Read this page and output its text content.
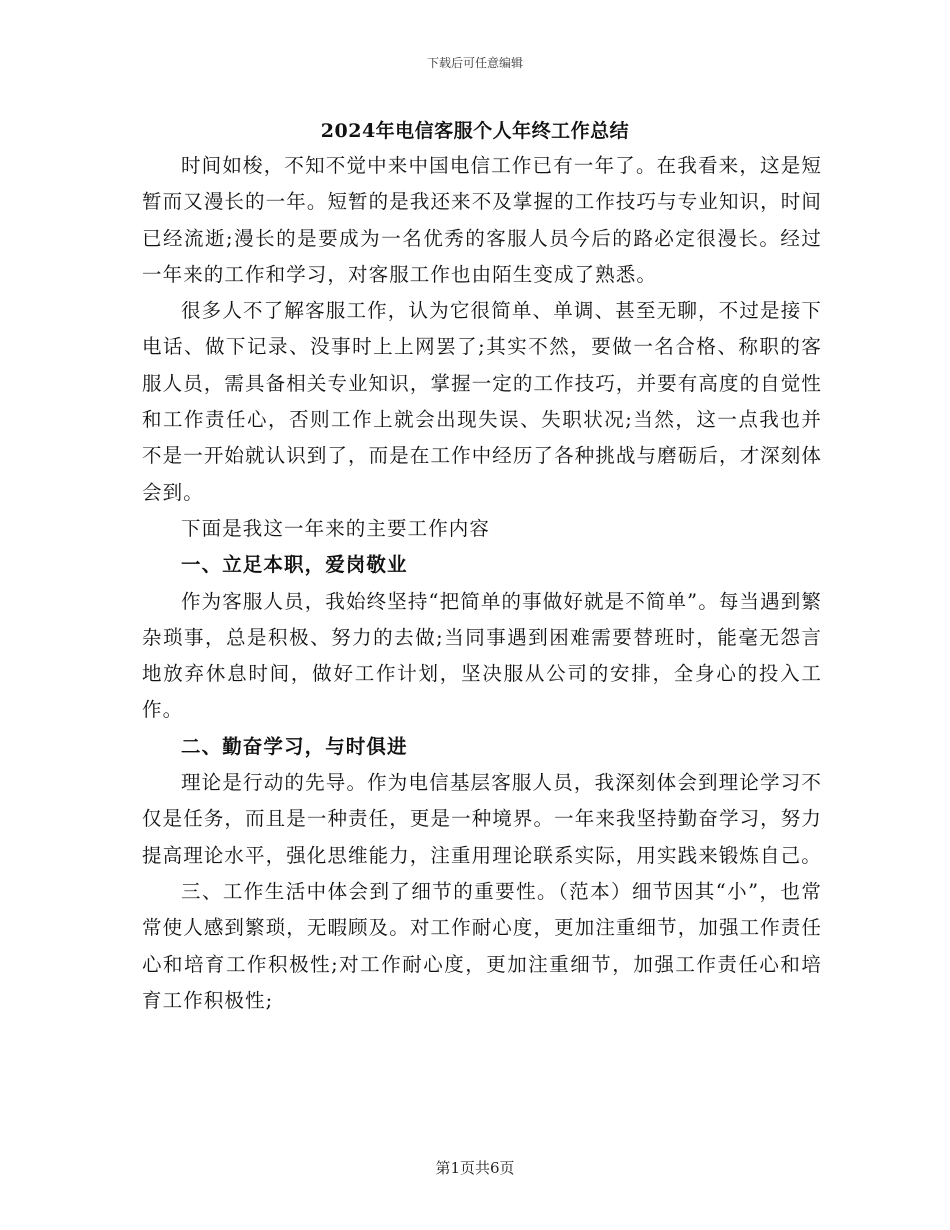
下载后可任意编辑
2024年电信客服个人年终工作总结

时间如梭，不知不觉中来中国电信工作已有一年了。在我看来，这是短暂而又漫长的一年。短暂的是我还来不及掌握的工作技巧与专业知识，时间已经流逝;漫长的是要成为一名优秀的客服人员今后的路必定很漫长。经过一年来的工作和学习，对客服工作也由陌生变成了熟悉。

很多人不了解客服工作，认为它很简单、单调、甚至无聊，不过是接下电话、做下记录、没事时上上网罢了;其实不然，要做一名合格、称职的客服人员，需具备相关专业知识，掌握一定的工作技巧，并要有高度的自觉性和工作责任心，否则工作上就会出现失误、失职状况;当然，这一点我也并不是一开始就认识到了，而是在工作中经历了各种挑战与磨砺后，才深刻体会到。

下面是我这一年来的主要工作内容

一、立足本职，爱岗敬业

作为客服人员，我始终坚持“把简单的事做好就是不简单”。每当遇到繁杂琐事，总是积极、努力的去做;当同事遇到困难需要替班时，能毫无怨言地放弃休息时间，做好工作计划，坚决服从公司的安排，全身心的投入工作。

二、勤奋学习，与时俱进

理论是行动的先导。作为电信基层客服人员，我深刻体会到理论学习不仅是任务，而且是一种责任，更是一种境界。一年来我坚持勤奋学习，努力提高理论水平，强化思维能力，注重用理论联系实际，用实践来锻炼自己。

三、工作生活中体会到了细节的重要性。（范本）细节因其“小”，也常常使人感到繁琐，无暇顾及。对工作耐心度，更加注重细节，加强工作责任心和培育工作积极性;对工作耐心度，更加注重细节，加强工作责任心和培育工作积极性;

第1页共6页
